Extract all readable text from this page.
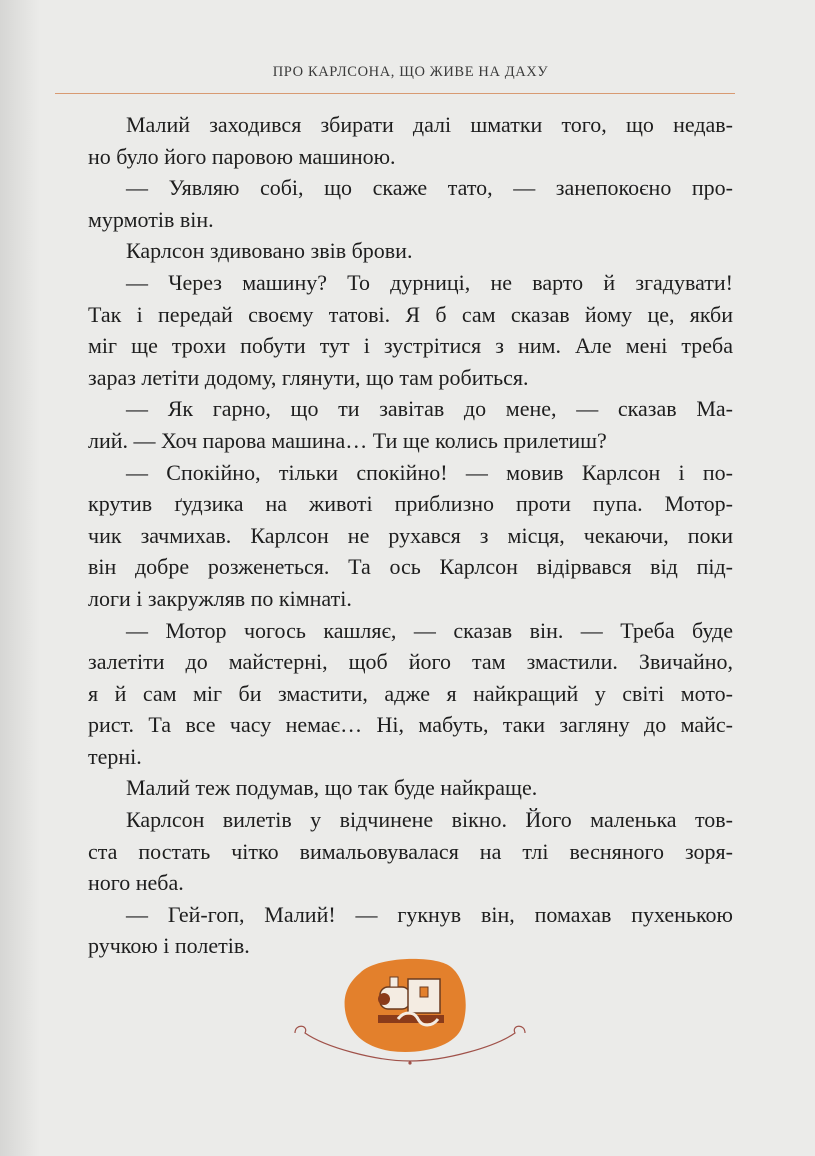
ПРО КАРЛСОНА, ЩО ЖИВЕ НА ДАХУ
Малий заходився збирати далі шматки того, що недав-
но було його паровою машиною.
— Уявляю собі, що скаже тато, — занепокоєно про-
мурмотів він.
Карлсон здивовано звів брови.
— Через машину? То дурниці, не варто й згадувати!
Так і передай своєму татові. Я б сам сказав йому це, якби
міг ще трохи побути тут і зустрітися з ним. Але мені треба
зараз летіти додому, глянути, що там робиться.
— Як гарно, що ти завітав до мене, — сказав Ма-
лий. — Хоч парова машина… Ти ще колись прилетиш?
— Спокійно, тільки спокійно! — мовив Карлсон і по-
крутив ґудзика на животі приблизно проти пупа. Мотор-
чик зачмихав. Карлсон не рухався з місця, чекаючи, поки
він добре розженеться. Та ось Карлсон відірвався від під-
логи і закружляв по кімнаті.
— Мотор чогось кашляє, — сказав він. — Треба буде
залетіти до майстерні, щоб його там змастили. Звичайно,
я й сам міг би змастити, адже я найкращий у світі мото-
рист. Та все часу немає… Ні, мабуть, таки загляну до майс-
терні.
Малий теж подумав, що так буде найкраще.
Карлсон вилетів у відчинене вікно. Його маленька тов-
ста постать чітко вимальовувалася на тлі весняного зоря-
ного неба.
— Гей-гоп, Малий! — гукнув він, помахав пухенькою
ручкою і полетів.
